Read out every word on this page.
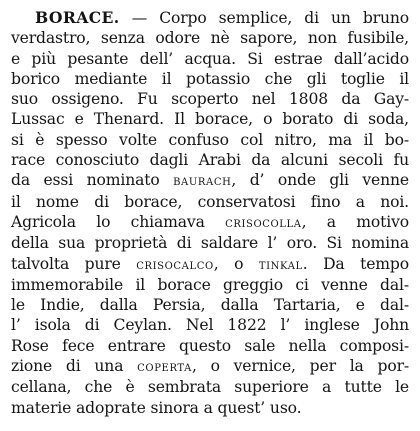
BORACE. — Corpo semplice, di un bruno
verdastro, senza odore nè sapore, non fusibile,
e più pesante dell’ acqua. Si estrae dall’acido
borico mediante il potassio che gli toglie il
suo ossigeno. Fu scoperto nel 1808 da Gay-
Lussac e Thenard. Il borace, o borato di soda,
si è spesso volte confuso col nitro, ma il bo-
race conosciuto dagli Arabi da alcuni secoli fu
da essi nominato baurach, d’ onde gli venne
il nome di borace, conservatosi fino a noi.
Agricola lo chiamava crisocolla, a motivo
della sua proprietà di saldare l’ oro. Si nomina
talvolta pure crisocalco, o tinkal. Da tempo
immemorabile il borace greggio ci venne dal-
le Indie, dalla Persia, dalla Tartaria, e dal-
l’ isola di Ceylan. Nel 1822 l’ inglese John
Rose fece entrare questo sale nella composi-
zione di una coperta, o vernice, per la por-
cellana, che è sembrata superiore a tutte le
materie adoprate sinora a quest’ uso.
